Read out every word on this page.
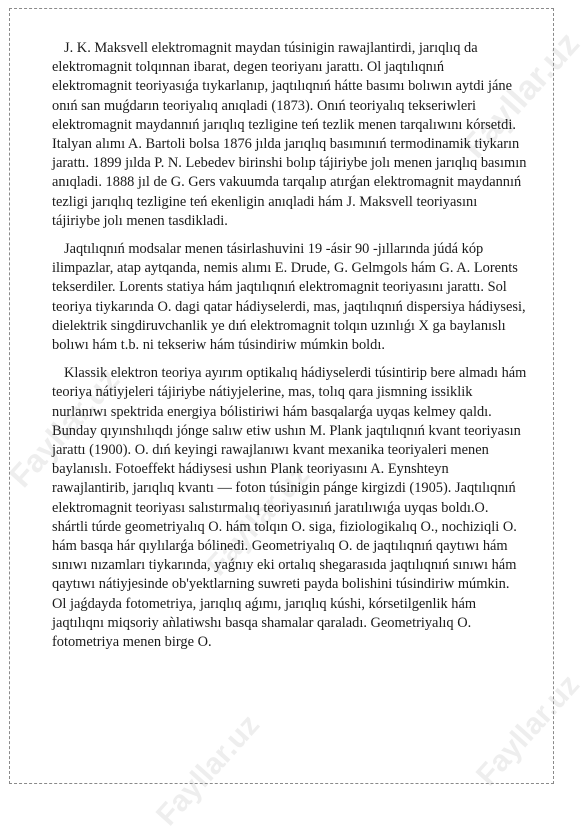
Fayllar.uz
Fayllar.uz
Fayllar.uz
Fayllar.uz	Fayllar.uz

J. K. Maksvell elektromagnit maydan túsinigin rawajlantirdi, jarıqlıq da elektromagnit tolqınnan ibarat, degen teoriyanı jarattı. Ol jaqtılıqnıń elektromagnit teoriyasıǵa tıykarlanıp, jaqtılıqnıń háttе basımı bolıwın aytdi jáne onıń san muǵdarın teoriyalıq anıqladi (1873). Onıń teoriyalıq tekseriwleri elektromagnit maydannıń jarıqlıq tezligine teń tezlik menen tarqalıwını kórsetdi. Italyan alımı A. Bartoli bolsa 1876 jılda jarıqlıq basımınıń termodinamik tiykarın jarattı. 1899 jılda P. N. Lebedev birinshi bolıp tájiriybe jolı menen jarıqlıq basımın anıqladi. 1888 jıl de G. Gers vakuumda tarqalıp atırǵan elektromagnit maydannıń tezligi jarıqlıq tezligine teń ekenligin anıqladi hám J. Maksvell teoriyasını tájiriybe jolı menen tasdikladi.

Jaqtılıqnıń modsalar menen tásirlashuvini 19 -ásir 90 -jıllarında júdá kóp ilimpazlar, atap aytqanda, nemis alımı E. Drude, G. Gelmgols hám G. A. Lorents tekserdiler. Lorents statiya hám jaqtılıqnıń elektromagnit teoriyasını jarattı. Sol teoriya tiykarında O. dagi qatar hádiyselerdi, mas, jaqtılıqnıń dispersiya hádiysesi, dielektrik singdiruvchanlik ye dıń elektromagnit tolqın uzınlıǵı X ga baylanıslı bolıwı hám t.b. ni tekseriw hám túsindiriw múmkin boldı.

Klassik elektron teoriya ayırım optikalıq hádiyselerdi túsintirip bere almadı hám teoriya nátiyjeleri tájiriybe nátiyjelerine, mas, tolıq qara jismning issiklik nurlanıwı spektrida energiya bólistiriwi hám basqalarǵa uyqas kelmey qaldı. Bunday qıyınshılıqdı jónge salıw etiw ushın M. Plank jaqtılıqnıń kvant teoriyasın jarattı (1900). O. dıń keyingi rawajlanıwı kvant mexanika teoriyaleri menen baylanıslı. Fotoeffekt hádiysesi ushın Plank teoriyasını A. Eynshteyn rawajlantirib, jarıqlıq kvantı — foton túsinigin pánge kirgizdi (1905). Jaqtılıqnıń elektromagnit teoriyası salıstırmalıq teoriyasınıń jaratılıwıǵa uyqas boldı.O. shártli túrde geometriyalıq O. hám tolqın O. siga, fiziologikalıq O., nochiziqli O. hám basqa hár qıylılarǵa bólinedi. Geometriyalıq O. de jaqtılıqnıń qaytıwı hám sınıwı nızamları tiykarında, yaǵnıy eki ortalıq shegarasıda jaqtılıqnıń sınıwı hám qaytıwı nátiyjesinde ob'yektlarning suwreti payda bolishini túsindiriw múmkin. Ol jaǵdayda fotometriya, jarıqlıq aǵımı, jarıqlıq kúshi, kórsetilgenlik hám jaqtılıqnı miqsoriy aǹlatiwshı basqa shamalar qaraladı. Geometriyalıq O. fotometriya menen birge O.
